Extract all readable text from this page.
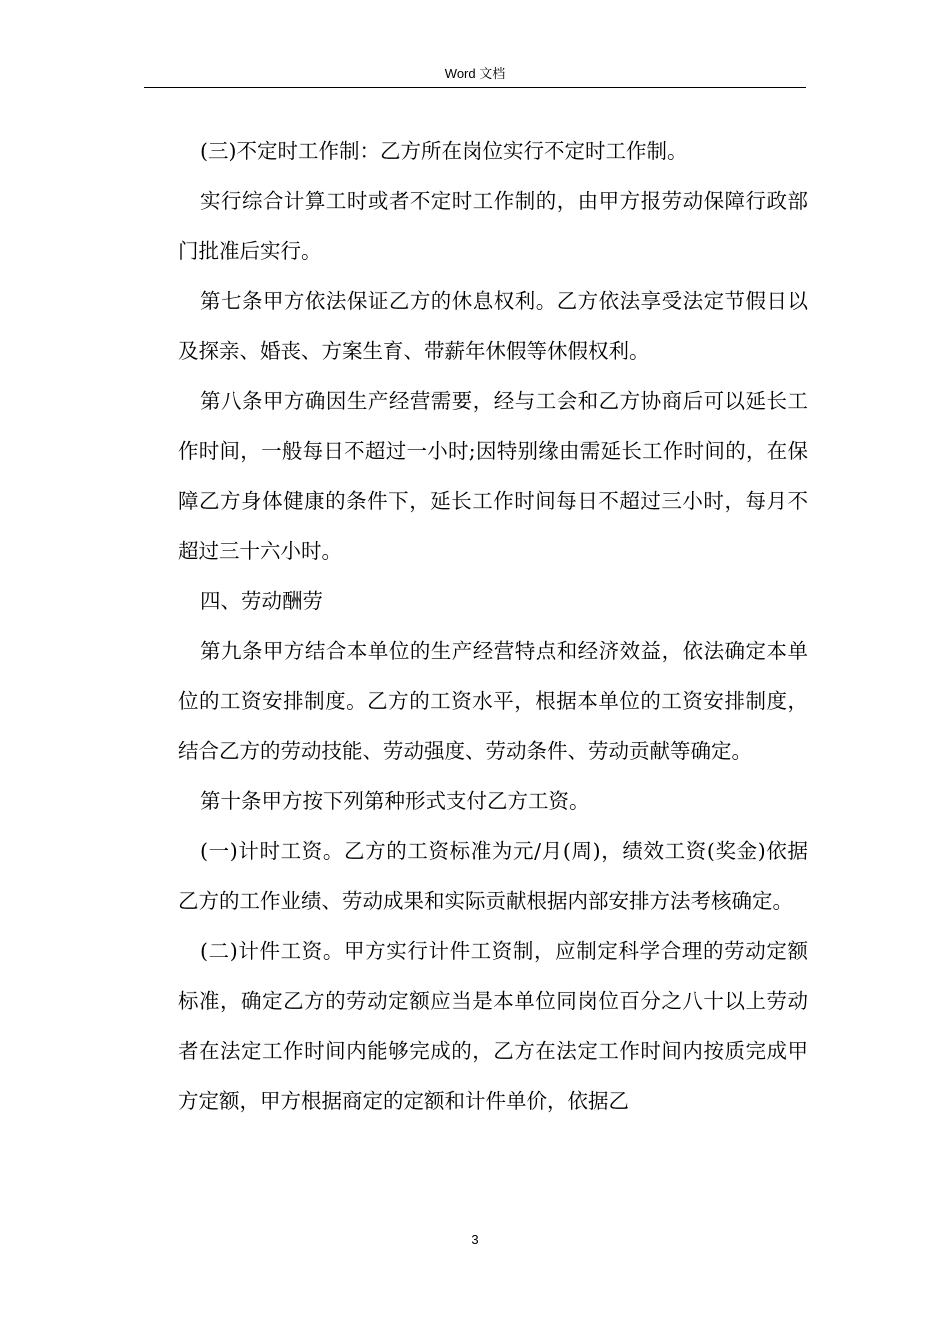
Word 文档

(三)不定时工作制：乙方所在岗位实行不定时工作制。

实行综合计算工时或者不定时工作制的，由甲方报劳动保障行政部门批准后实行。

第七条甲方依法保证乙方的休息权利。乙方依法享受法定节假日以及探亲、婚丧、方案生育、带薪年休假等休假权利。

第八条甲方确因生产经营需要，经与工会和乙方协商后可以延长工作时间，一般每日不超过一小时;因特别缘由需延长工作时间的，在保障乙方身体健康的条件下，延长工作时间每日不超过三小时，每月不超过三十六小时。

四、劳动酬劳

第九条甲方结合本单位的生产经营特点和经济效益，依法确定本单位的工资安排制度。乙方的工资水平，根据本单位的工资安排制度，结合乙方的劳动技能、劳动强度、劳动条件、劳动贡献等确定。

第十条甲方按下列第种形式支付乙方工资。

(一)计时工资。乙方的工资标准为元/月(周)，绩效工资(奖金)依据乙方的工作业绩、劳动成果和实际贡献根据内部安排方法考核确定。

(二)计件工资。甲方实行计件工资制，应制定科学合理的劳动定额标准，确定乙方的劳动定额应当是本单位同岗位百分之八十以上劳动者在法定工作时间内能够完成的，乙方在法定工作时间内按质完成甲方定额，甲方根据商定的定额和计件单价，依据乙

3
